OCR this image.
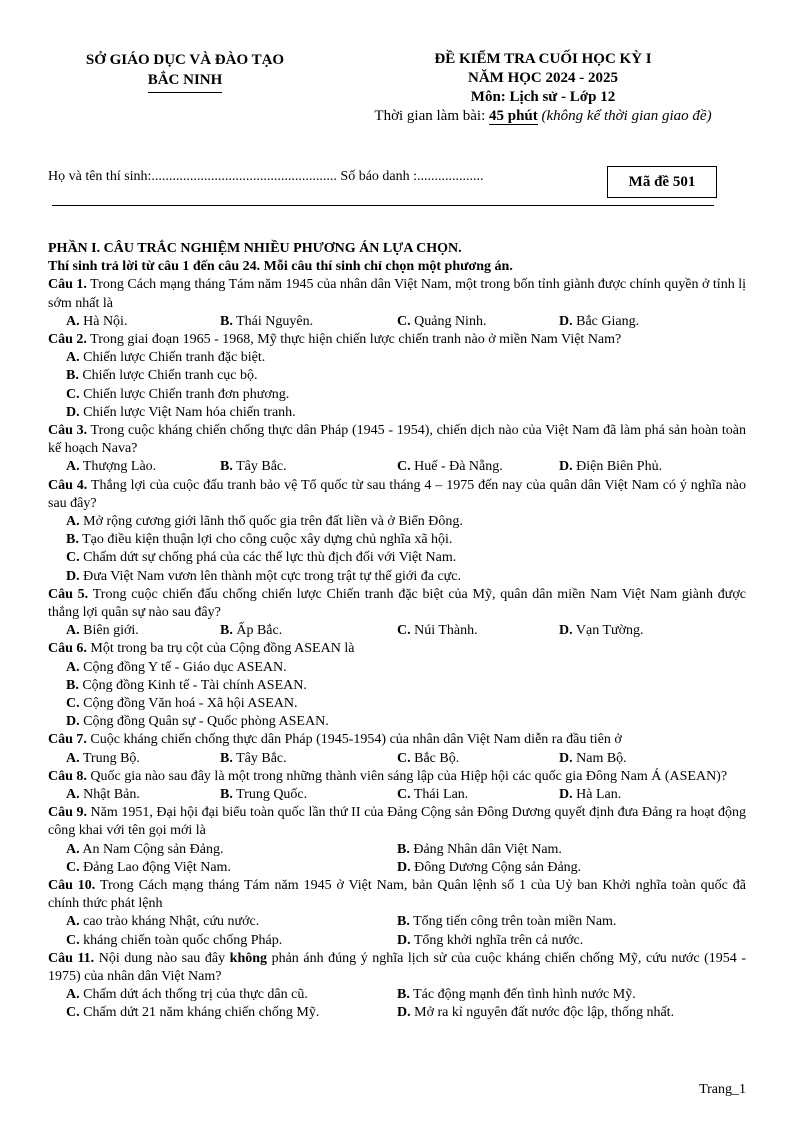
SỞ GIÁO DỤC VÀ ĐÀO TẠO
BẮC NINH
ĐỀ KIỂM TRA CUỐI HỌC KỲ I
NĂM HỌC 2024 - 2025
Môn: Lịch sử - Lớp 12
Thời gian làm bài: 45 phút (không kể thời gian giao đề)
Họ và tên thí sinh:..................................................... Số báo danh :...................	Mã đề 501
PHẦN I. CÂU TRẮC NGHIỆM NHIỀU PHƯƠNG ÁN LỰA CHỌN.
Thí sinh trả lời từ câu 1 đến câu 24. Mỗi câu thí sinh chỉ chọn một phương án.
Câu 1. Trong Cách mạng tháng Tám năm 1945 của nhân dân Việt Nam, một trong bốn tỉnh giành được chính quyền ở tỉnh lị sớm nhất là
A. Hà Nội.	B. Thái Nguyên.	C. Quảng Ninh.	D. Bắc Giang.
Câu 2. Trong giai đoạn 1965 - 1968, Mỹ thực hiện chiến lược chiến tranh nào ở miền Nam Việt Nam?
A. Chiến lược Chiến tranh đặc biệt.
B. Chiến lược Chiến tranh cục bộ.
C. Chiến lược Chiến tranh đơn phương.
D. Chiến lược Việt Nam hóa chiến tranh.
Câu 3. Trong cuộc kháng chiến chống thực dân Pháp (1945 - 1954), chiến dịch nào của Việt Nam đã làm phá sản hoàn toàn kế hoạch Nava?
A. Thượng Lào.	B. Tây Bắc.	C. Huế - Đà Nẵng.	D. Điện Biên Phủ.
Câu 4. Thắng lợi của cuộc đấu tranh bảo vệ Tổ quốc từ sau tháng 4 – 1975 đến nay của quân dân Việt Nam có ý nghĩa nào sau đây?
A. Mở rộng cương giới lãnh thổ quốc gia trên đất liền và ở Biển Đông.
B. Tạo điều kiện thuận lợi cho công cuộc xây dựng chủ nghĩa xã hội.
C. Chấm dứt sự chống phá của các thế lực thù địch đối với Việt Nam.
D. Đưa Việt Nam vươn lên thành một cực trong trật tự thế giới đa cực.
Câu 5. Trong cuộc chiến đấu chống chiến lược Chiến tranh đặc biệt của Mỹ, quân dân miền Nam Việt Nam giành được thắng lợi quân sự nào sau đây?
A. Biên giới.	B. Ấp Bắc.	C. Núi Thành.	D. Vạn Tường.
Câu 6. Một trong ba trụ cột của Cộng đồng ASEAN là
A. Cộng đồng Y tế - Giáo dục ASEAN.
B. Cộng đồng Kinh tế - Tài chính ASEAN.
C. Cộng đồng Văn hoá - Xã hội ASEAN.
D. Cộng đồng Quân sự - Quốc phòng ASEAN.
Câu 7. Cuộc kháng chiến chống thực dân Pháp (1945-1954) của nhân dân Việt Nam diễn ra đầu tiên ở
A. Trung Bộ.	B. Tây Bắc.	C. Bắc Bộ.	D. Nam Bộ.
Câu 8. Quốc gia nào sau đây là một trong những thành viên sáng lập của Hiệp hội các quốc gia Đông Nam Á (ASEAN)?
A. Nhật Bản.	B. Trung Quốc.	C. Thái Lan.	D. Hà Lan.
Câu 9. Năm 1951, Đại hội đại biểu toàn quốc lần thứ II của Đảng Cộng sản Đông Dương quyết định đưa Đảng ra hoạt động công khai với tên gọi mới là
A. An Nam Cộng sản Đảng.	B. Đảng Nhân dân Việt Nam.
C. Đảng Lao động Việt Nam.	D. Đông Dương Cộng sản Đảng.
Câu 10. Trong Cách mạng tháng Tám năm 1945 ở Việt Nam, bản Quân lệnh số 1 của Uỷ ban Khởi nghĩa toàn quốc đã chính thức phát lệnh
A. cao trào kháng Nhật, cứu nước.	B. Tổng tiến công trên toàn miền Nam.
C. kháng chiến toàn quốc chống Pháp.	D. Tổng khởi nghĩa trên cả nước.
Câu 11. Nội dung nào sau đây không phản ánh đúng ý nghĩa lịch sử của cuộc kháng chiến chống Mỹ, cứu nước (1954 - 1975) của nhân dân Việt Nam?
A. Chấm dứt ách thống trị của thực dân cũ.	B. Tác động mạnh đến tình hình nước Mỹ.
C. Chấm dứt 21 năm kháng chiến chống Mỹ.	D. Mở ra kỉ nguyên đất nước độc lập, thống nhất.
Trang_1
